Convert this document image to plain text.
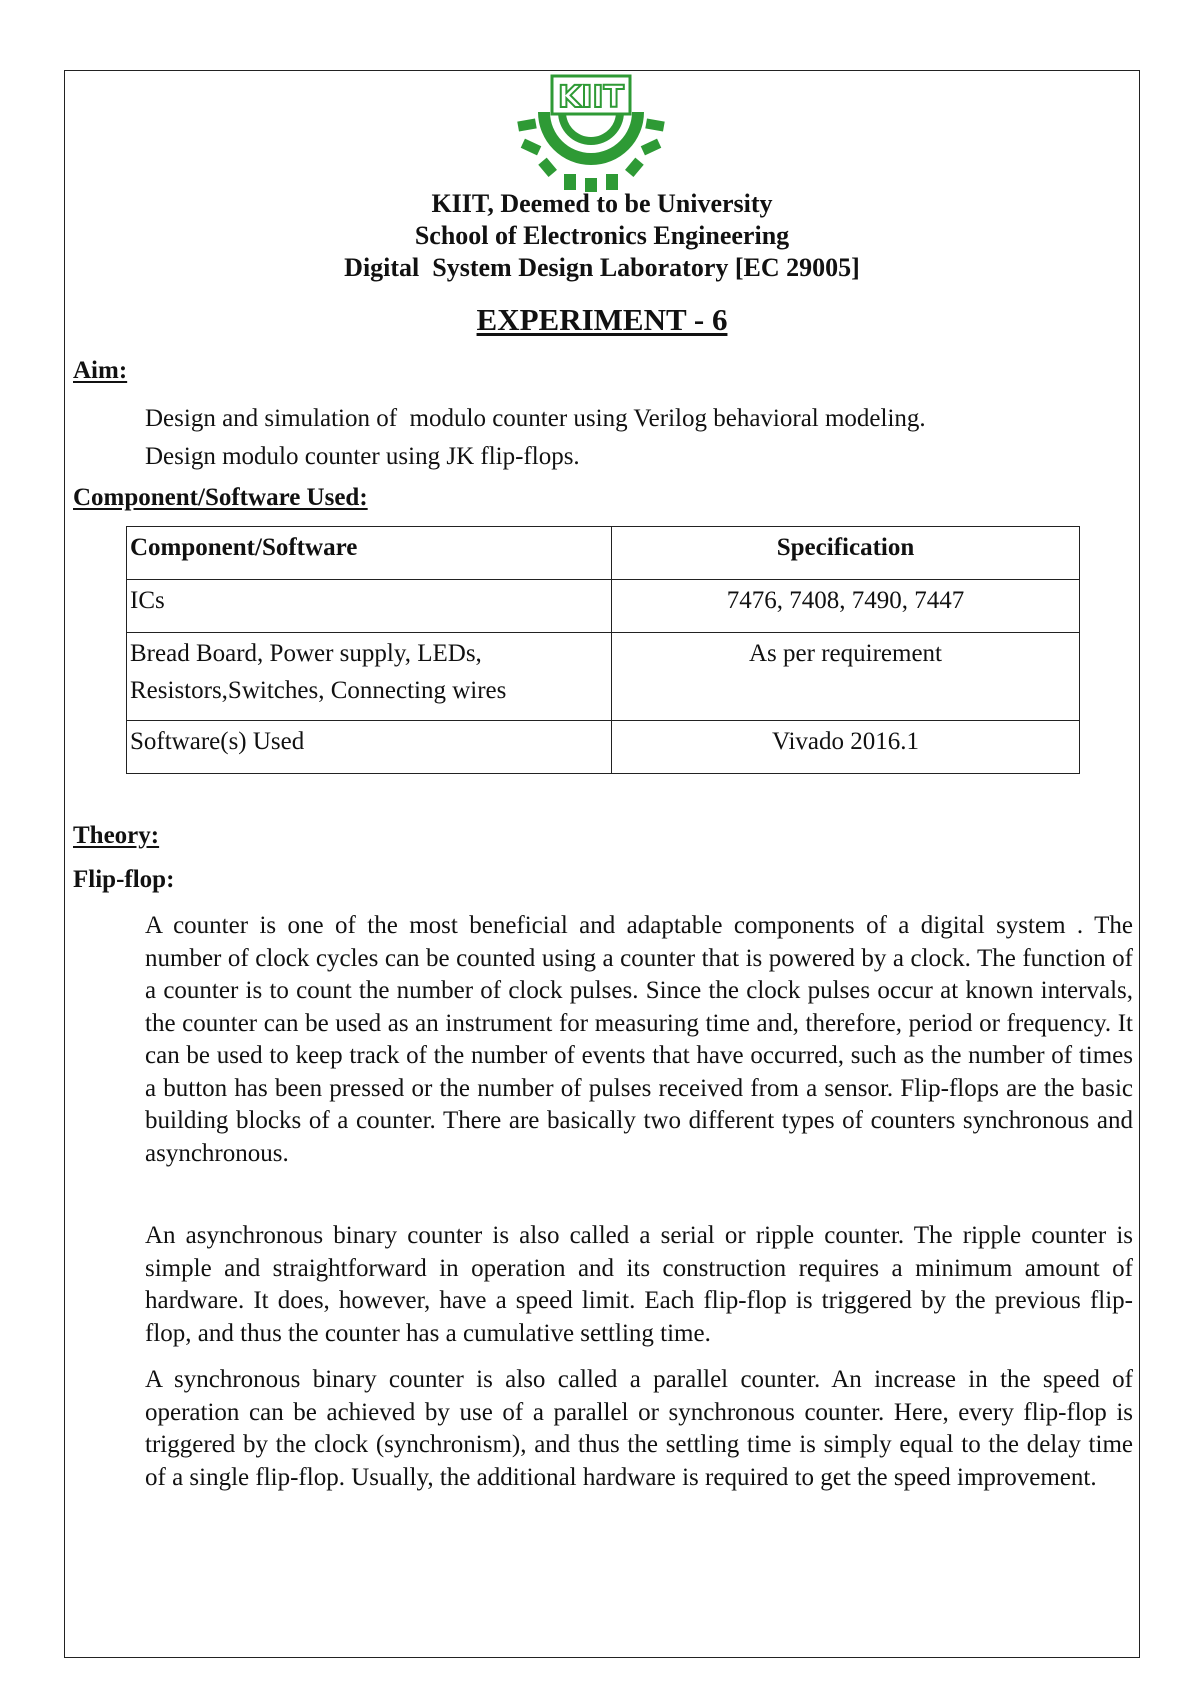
KIIT
KIIT, Deemed to be University
School of Electronics Engineering
Digital  System Design Laboratory [EC 29005]
EXPERIMENT - 6
Aim:
Design and simulation of  modulo counter using Verilog behavioral modeling.
Design modulo counter using JK flip-flops.
Component/Software Used:
Component/Software	Specification
ICs	7476, 7408, 7490, 7447
Bread Board, Power supply, LEDs, Resistors,Switches, Connecting wires	As per requirement
Software(s) Used	Vivado 2016.1
Theory:
Flip-flop:
A counter is one of the most beneficial and adaptable components of a digital system . The number of clock cycles can be counted using a counter that is powered by a clock. The function of a counter is to count the number of clock pulses. Since the clock pulses occur at known intervals, the counter can be used as an instrument for measuring time and, therefore, period or frequency. It can be used to keep track of the number of events that have occurred, such as the number of times a button has been pressed or the number of pulses received from a sensor. Flip-flops are the basic building blocks of a counter. There are basically two different types of counters synchronous and asynchronous.
An asynchronous binary counter is also called a serial or ripple counter. The ripple counter is simple and straightforward in operation and its construction requires a minimum amount of hardware. It does, however, have a speed limit. Each flip-flop is triggered by the previous flip-flop, and thus the counter has a cumulative settling time.
A synchronous binary counter is also called a parallel counter. An increase in the speed of operation can be achieved by use of a parallel or synchronous counter. Here, every flip-flop is triggered by the clock (synchronism), and thus the settling time is simply equal to the delay time of a single flip-flop. Usually, the additional hardware is required to get the speed improvement.
